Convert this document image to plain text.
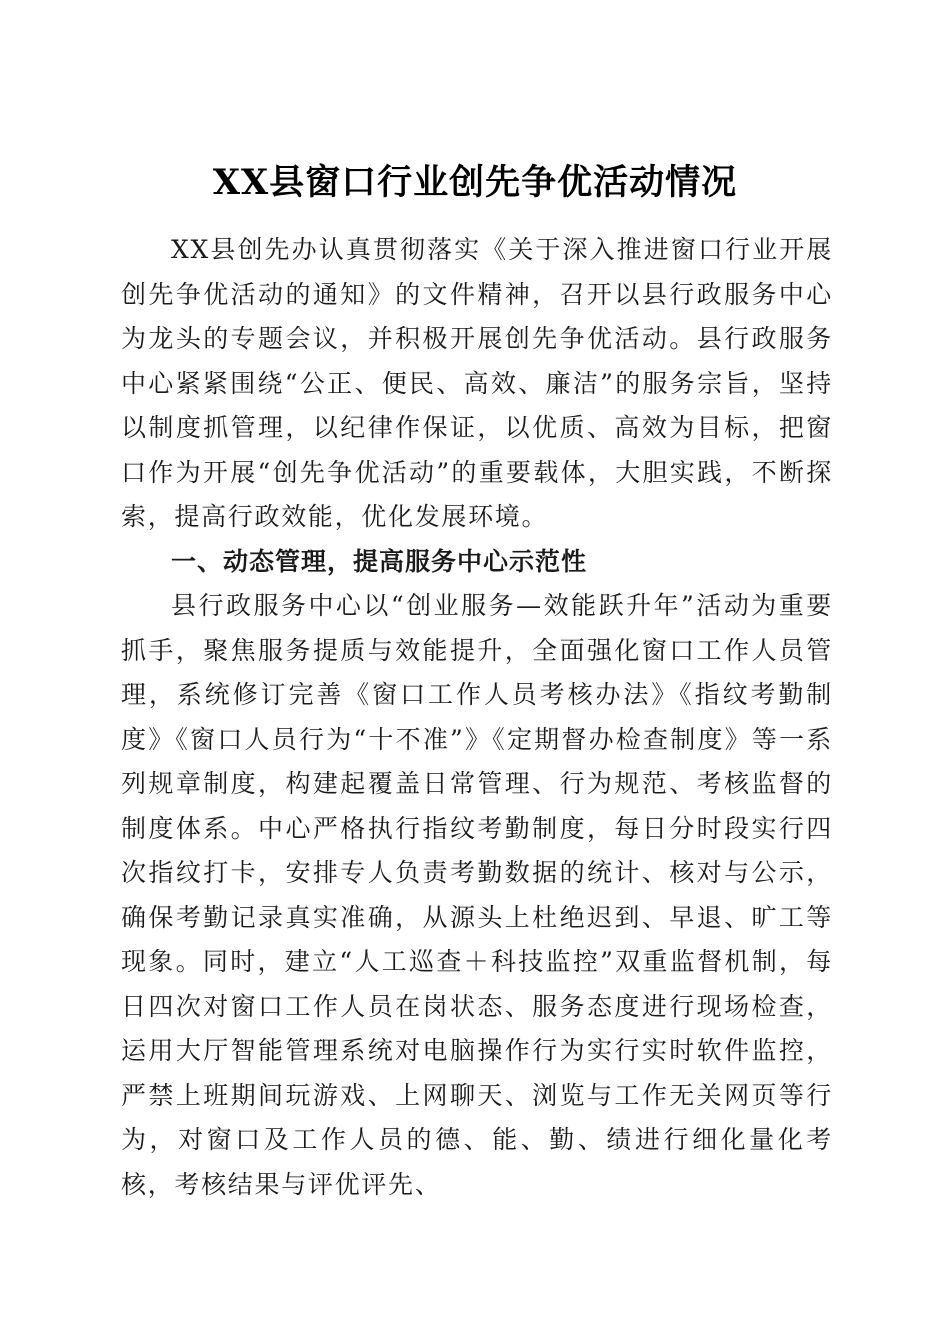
XX县窗口行业创先争优活动情况

XX县创先办认真贯彻落实《关于深入推进窗口行业开展创先争优活动的通知》的文件精神，召开以县行政服务中心为龙头的专题会议，并积极开展创先争优活动。县行政服务中心紧紧围绕“公正、便民、高效、廉洁”的服务宗旨，坚持以制度抓管理，以纪律作保证，以优质、高效为目标，把窗口作为开展“创先争优活动”的重要载体，大胆实践，不断探索，提高行政效能，优化发展环境。

一、动态管理，提高服务中心示范性

县行政服务中心以“创业服务—效能跃升年”活动为重要抓手，聚焦服务提质与效能提升，全面强化窗口工作人员管理，系统修订完善《窗口工作人员考核办法》《指纹考勤制度》《窗口人员行为“十不准”》《定期督办检查制度》等一系列规章制度，构建起覆盖日常管理、行为规范、考核监督的制度体系。中心严格执行指纹考勤制度，每日分时段实行四次指纹打卡，安排专人负责考勤数据的统计、核对与公示，确保考勤记录真实准确，从源头上杜绝迟到、早退、旷工等现象。同时，建立“人工巡查＋科技监控”双重监督机制，每日四次对窗口工作人员在岗状态、服务态度进行现场检查，运用大厅智能管理系统对电脑操作行为实行实时软件监控，严禁上班期间玩游戏、上网聊天、浏览与工作无关网页等行为，对窗口及工作人员的德、能、勤、绩进行细化量化考核，考核结果与评优评先、
